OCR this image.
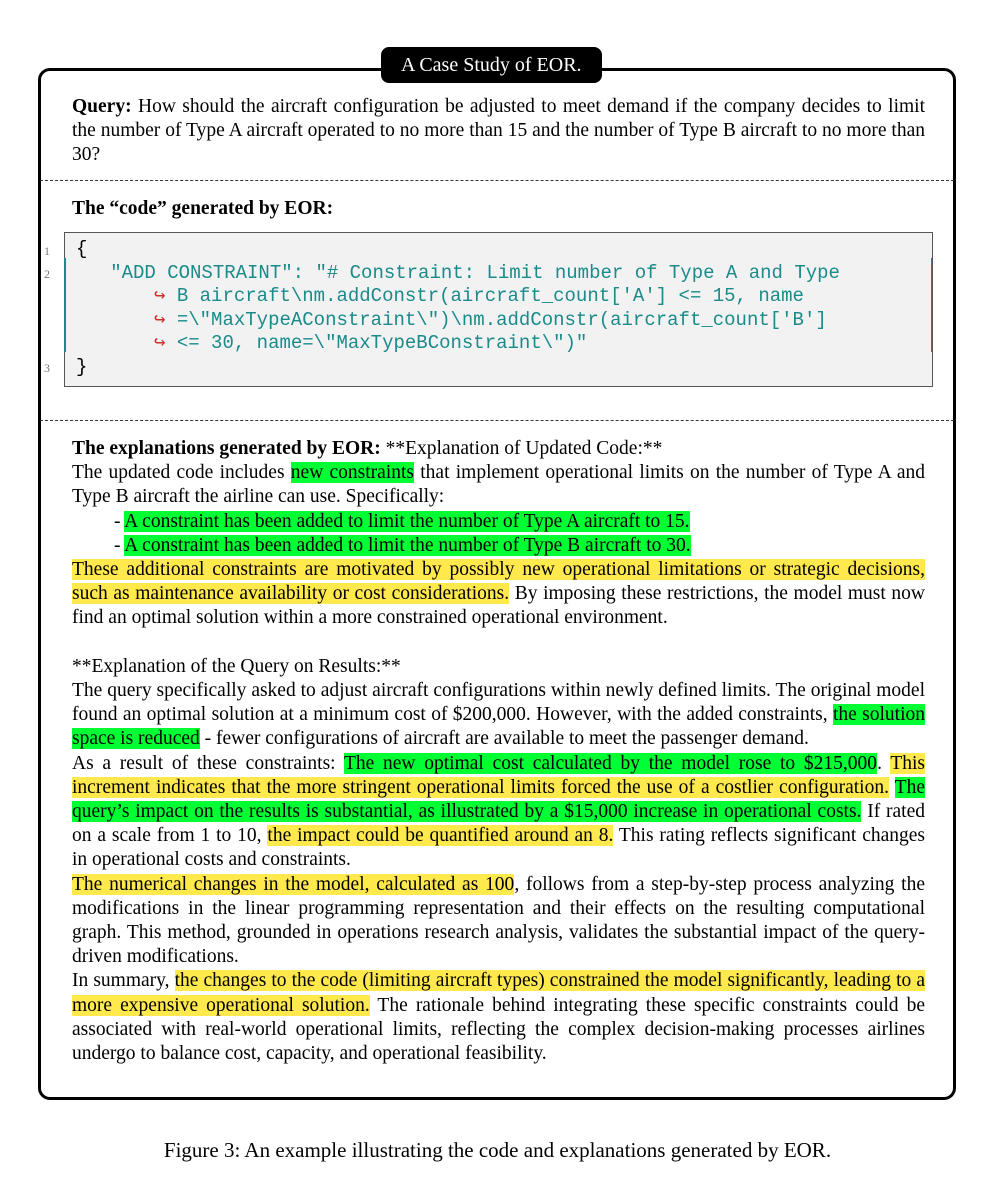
A Case Study of EOR.
Query: How should the aircraft configuration be adjusted to meet demand if the company decides to limit the number of Type A aircraft operated to no more than 15 and the number of Type B aircraft to no more than 30?
The “code” generated by EOR:
1
2
3
{
"ADD CONSTRAINT": "# Constraint: Limit number of Type A and Type
↪ B aircraft\nm.addConstr(aircraft_count['A'] <= 15, name
↪ =\"MaxTypeAConstraint\")\nm.addConstr(aircraft_count['B']
↪ <= 30, name=\"MaxTypeBConstraint\")"
}

The explanations generated by EOR: **Explanation of Updated Code:**

The updated code includes new constraints that implement operational limits on the number of Type A and Type B aircraft the airline can use. Specifically:

- A constraint has been added to limit the number of Type A aircraft to 15.

- A constraint has been added to limit the number of Type B aircraft to 30.

These additional constraints are motivated by possibly new operational limitations or strategic decisions, such as maintenance availability or cost considerations. By imposing these restrictions, the model must now find an optimal solution within a more constrained operational environment.

**Explanation of the Query on Results:**

The query specifically asked to adjust aircraft configurations within newly defined limits. The original model found an optimal solution at a minimum cost of $200,000. However, with the added constraints, the solution space is reduced - fewer configurations of aircraft are available to meet the passenger demand.

As a result of these constraints: The new optimal cost calculated by the model rose to $215,000. This increment indicates that the more stringent operational limits forced the use of a costlier configuration. The query’s impact on the results is substantial, as illustrated by a $15,000 increase in operational costs. If rated on a scale from 1 to 10, the impact could be quantified around an 8. This rating reflects significant changes in operational costs and constraints.

The numerical changes in the model, calculated as 100, follows from a step-by-step process analyzing the modifications in the linear programming representation and their effects on the resulting computational graph. This method, grounded in operations research analysis, validates the substantial impact of the query-driven modifications.

In summary, the changes to the code (limiting aircraft types) constrained the model significantly, leading to a more expensive operational solution. The rationale behind integrating these specific constraints could be associated with real-world operational limits, reflecting the complex decision-making processes airlines undergo to balance cost, capacity, and operational feasibility.

Figure 3: An example illustrating the code and explanations generated by EOR.
